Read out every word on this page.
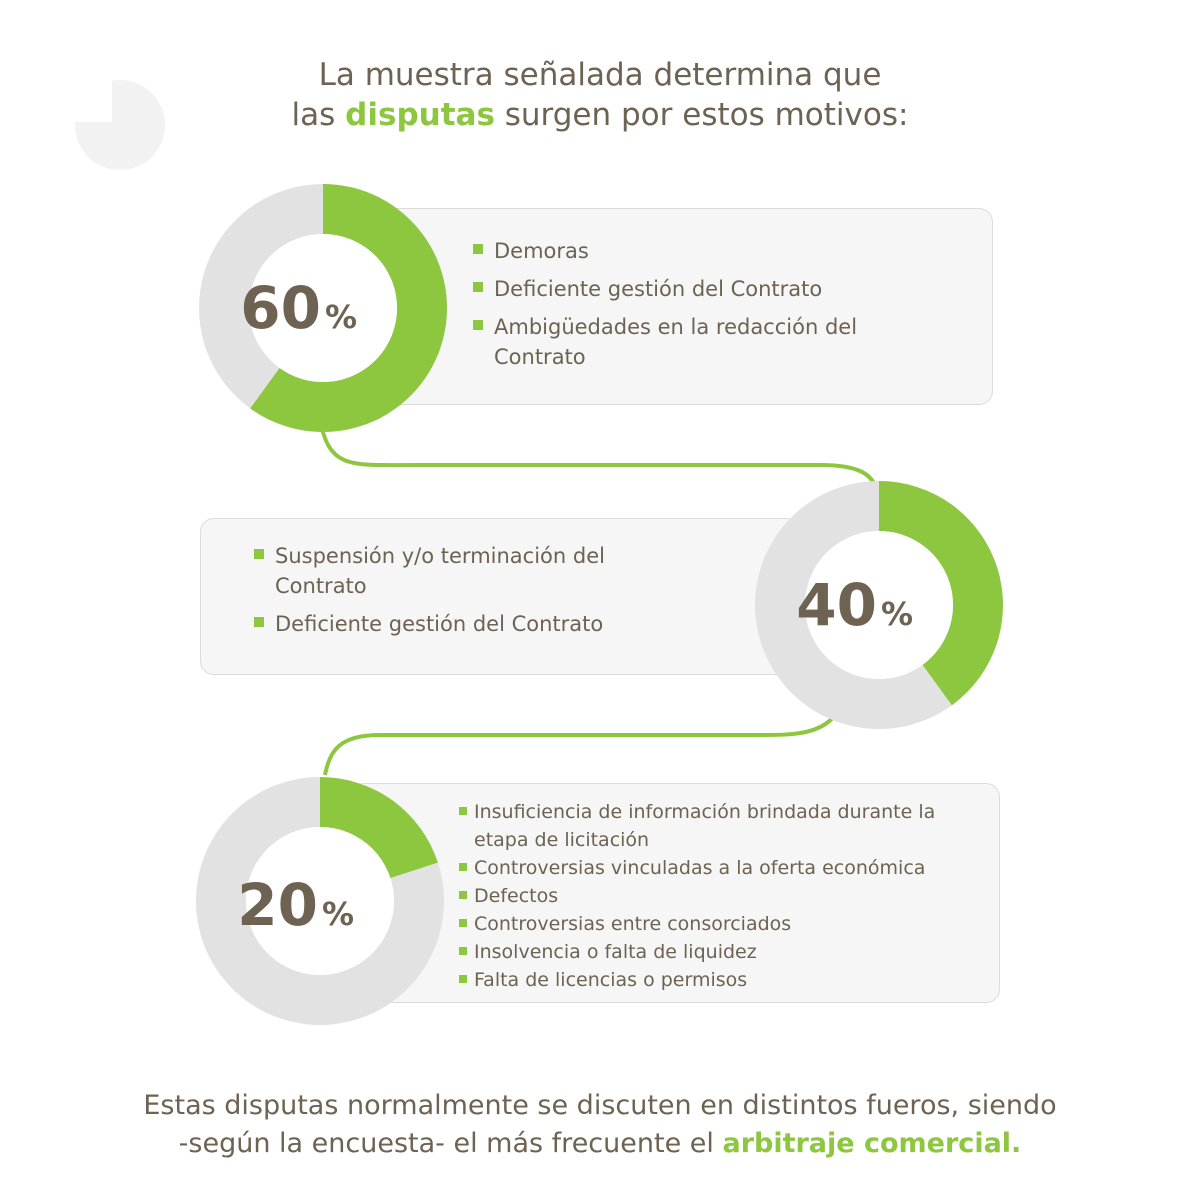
La muestra señalada determina que
las disputas surgen por estos motivos:
Demoras
Deficiente gestión del Contrato
Ambigüedades en la redacción del Contrato
Suspensión y/o terminación del Contrato
Deficiente gestión del Contrato
Insuficiencia de información brindada durante la etapa de licitación
Controversias vinculadas a la oferta económica
Defectos
Controversias entre consorciados
Insolvencia o falta de liquidez
Falta de licencias o permisos
60 %
40 %
20 %
Estas disputas normalmente se discuten en distintos fueros, siendo
-según la encuesta- el más frecuente el arbitraje comercial.
